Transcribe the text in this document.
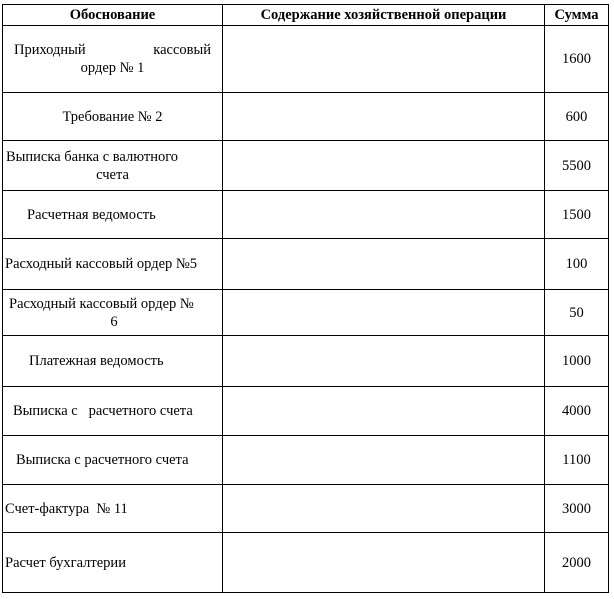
Обоснование	Содержание хозяйственной операции	Сумма

Приходный кассовый
ордер № 1		1600
Требование № 2		600

Выписка банка с валютного
счета		5500
Расчетная ведомость		1500
Расходный кассовый ордер №5		100

Расходный кассовый ордер №
6		50
Платежная ведомость		1000
Выписка с   расчетного счета		4000
Выписка с расчетного счета		1100
Счет-фактура  № 11		3000
Расчет бухгалтерии		2000
